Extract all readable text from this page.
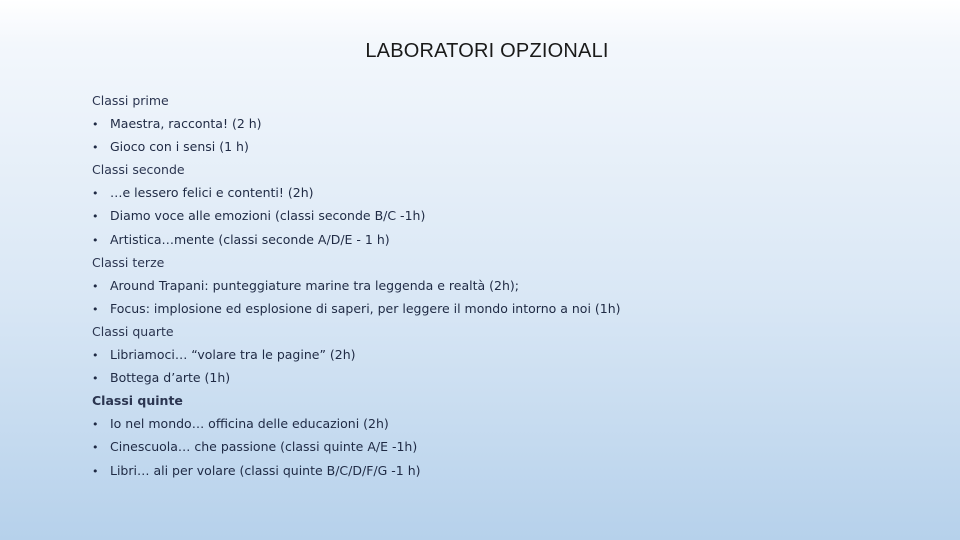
LABORATORI OPZIONALI
Classi prime
• Maestra, racconta! (2 h)
• Gioco con i sensi (1 h)
Classi seconde
• …e lessero felici e contenti! (2h)
• Diamo voce alle emozioni (classi seconde B/C -1h)
• Artistica…mente (classi seconde A/D/E - 1 h)
Classi terze
• Around Trapani: punteggiature marine tra leggenda e realtà (2h);
• Focus: implosione ed esplosione di saperi, per leggere il mondo intorno a noi (1h)
Classi quarte
• Libriamoci… “volare tra le pagine” (2h)
• Bottega d’arte (1h)
Classi quinte
• Io nel mondo… officina delle educazioni (2h)
• Cinescuola… che passione (classi quinte A/E -1h)
• Libri… ali per volare (classi quinte B/C/D/F/G -1 h)
